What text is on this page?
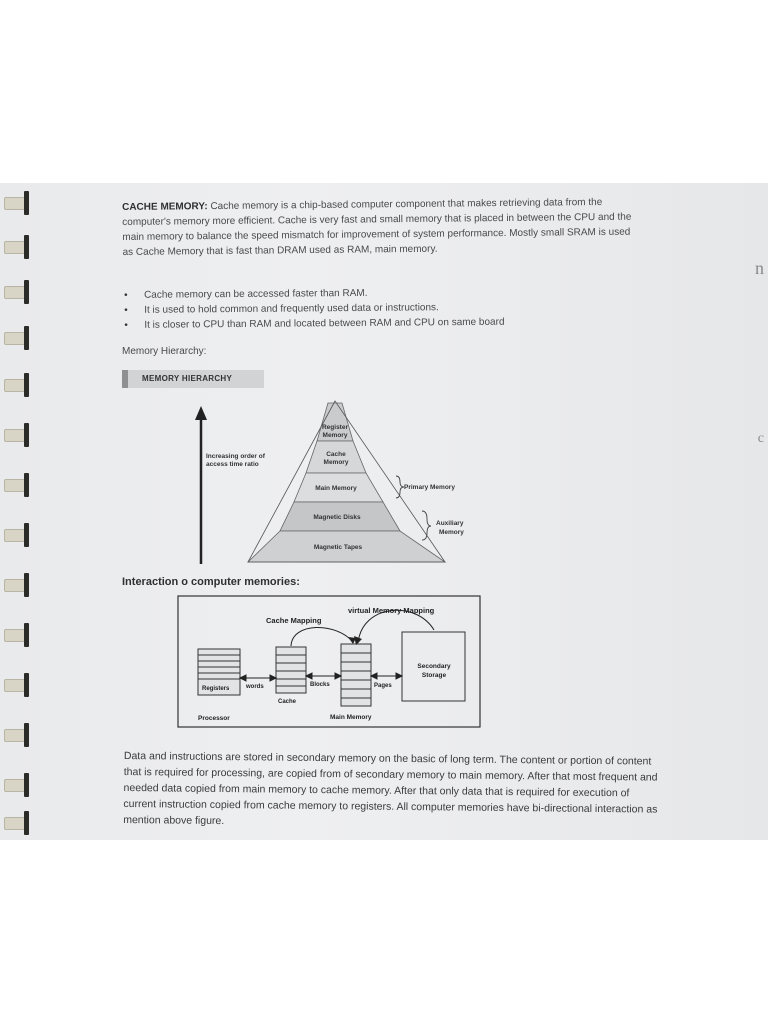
n
c
CACHE MEMORY: Cache memory is a chip-based computer component that makes retrieving data from the computer's memory more efficient. Cache is very fast and small memory that is placed in between the CPU and the main memory to balance the speed mismatch for improvement of system performance. Mostly small SRAM is used as Cache Memory that is fast than DRAM used as RAM, main memory.
• Cache memory can be accessed faster than RAM.
• It is used to hold common and frequently used data or instructions.
• It is closer to CPU than RAM and located between RAM and CPU on same board
Memory Hierarchy:
MEMORY HIERARCHY
Increasing order of
access time ratio
Register
Memory
Cache
Memory
Main Memory
Magnetic Disks
Magnetic Tapes
Primary Memory
Auxiliary
Memory
Interaction o computer memories:
Registers
Cache
Secondary
Storage
words	Blocks	Pages
virtual Memory Mapping
Cache Mapping
Processor	Main Memory
Data and instructions are stored in secondary memory on the basic of long term. The content or portion of content that is required for processing, are copied from of secondary memory to main memory. After that most frequent and needed data copied from main memory to cache memory. After that only data that is required for execution of current instruction copied from cache memory to registers. All computer memories have bi-directional interaction as mention above figure.
